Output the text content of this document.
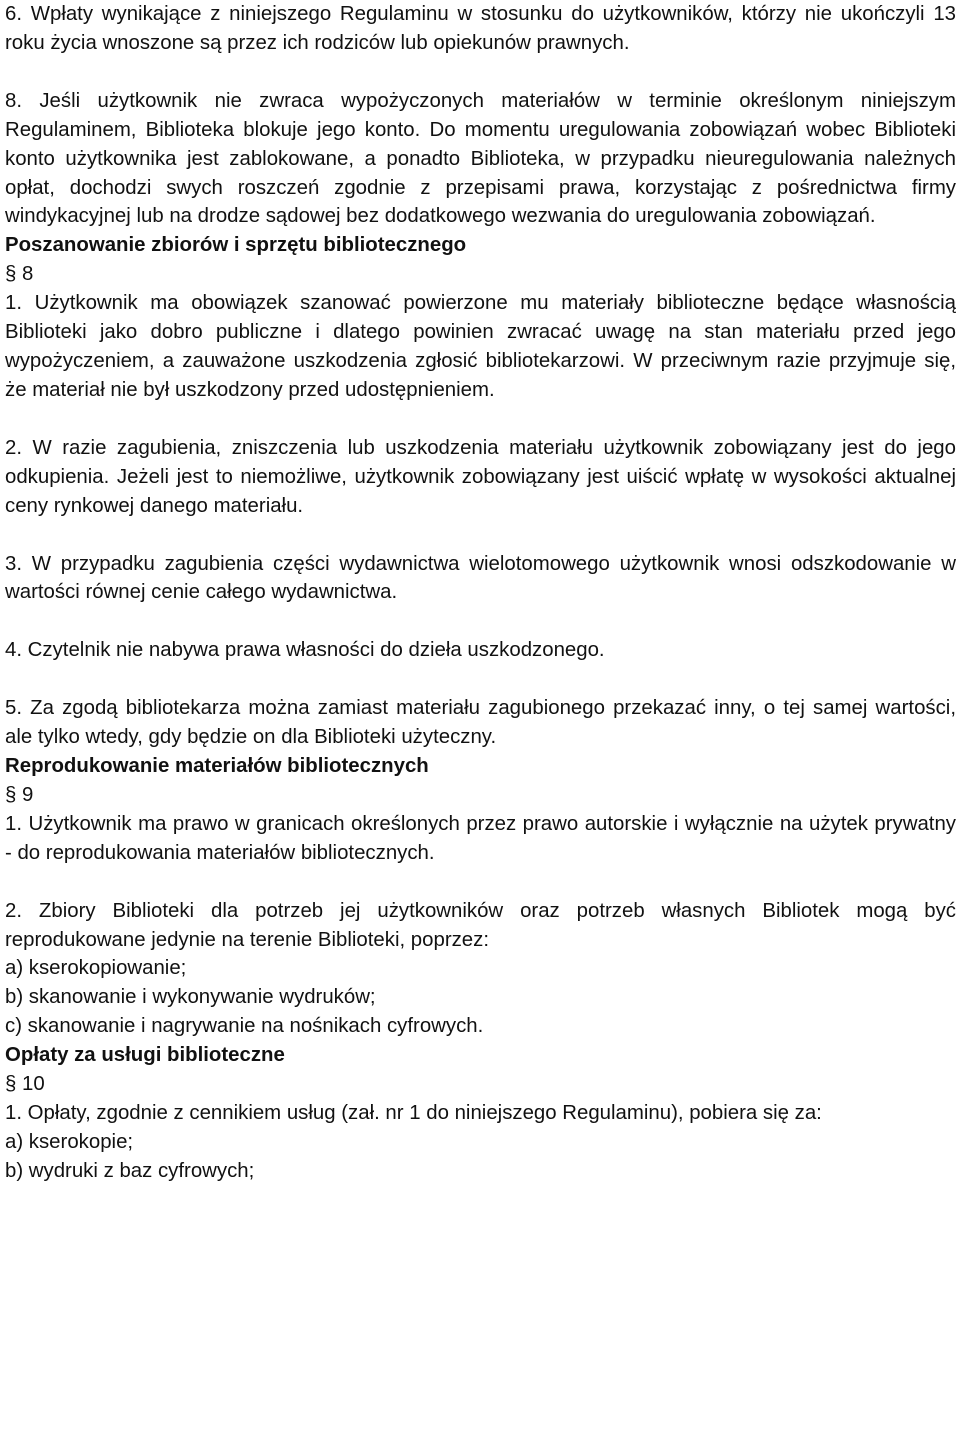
6. Wpłaty wynikające z niniejszego Regulaminu w stosunku do użytkowników, którzy nie ukończyli 13 roku życia wnoszone są przez ich rodziców lub opiekunów prawnych.

8. Jeśli użytkownik nie zwraca wypożyczonych materiałów w terminie określonym niniejszym Regulaminem, Biblioteka blokuje jego konto. Do momentu uregulowania zobowiązań wobec Biblioteki konto użytkownika jest zablokowane, a ponadto Biblioteka, w przypadku nieuregulowania należnych opłat, dochodzi swych roszczeń zgodnie z przepisami prawa, korzystając z pośrednictwa firmy windykacyjnej lub na drodze sądowej bez dodatkowego wezwania do uregulowania zobowiązań.

Poszanowanie zbiorów i sprzętu bibliotecznego

§ 8

1. Użytkownik ma obowiązek szanować powierzone mu materiały biblioteczne będące własnością Biblioteki jako dobro publiczne i dlatego powinien zwracać uwagę na stan materiału przed jego wypożyczeniem, a zauważone uszkodzenia zgłosić bibliotekarzowi. W przeciwnym razie przyjmuje się, że materiał nie był uszkodzony przed udostępnieniem.

2. W razie zagubienia, zniszczenia lub uszkodzenia materiału użytkownik zobowiązany jest do jego odkupienia. Jeżeli jest to niemożliwe, użytkownik zobowiązany jest uiścić wpłatę w wysokości aktualnej ceny rynkowej danego materiału.

3. W przypadku zagubienia części wydawnictwa wielotomowego użytkownik wnosi odszkodowanie w wartości równej cenie całego wydawnictwa.

4. Czytelnik nie nabywa prawa własności do dzieła uszkodzonego.

5. Za zgodą bibliotekarza można zamiast materiału zagubionego przekazać inny, o tej samej wartości, ale tylko wtedy, gdy będzie on dla Biblioteki użyteczny.

Reprodukowanie materiałów bibliotecznych

§ 9

1. Użytkownik ma prawo w granicach określonych przez prawo autorskie i wyłącznie na użytek prywatny - do reprodukowania materiałów bibliotecznych.

2. Zbiory Biblioteki dla potrzeb jej użytkowników oraz potrzeb własnych Bibliotek mogą być reprodukowane jedynie na terenie Biblioteki, poprzez:

a) kserokopiowanie;
b) skanowanie i wykonywanie wydruków;
c) skanowanie i nagrywanie na nośnikach cyfrowych.

Opłaty za usługi biblioteczne

§ 10

1. Opłaty, zgodnie z cennikiem usług (zał. nr 1 do niniejszego Regulaminu), pobiera się za:

a) kserokopie;
b) wydruki z baz cyfrowych;
